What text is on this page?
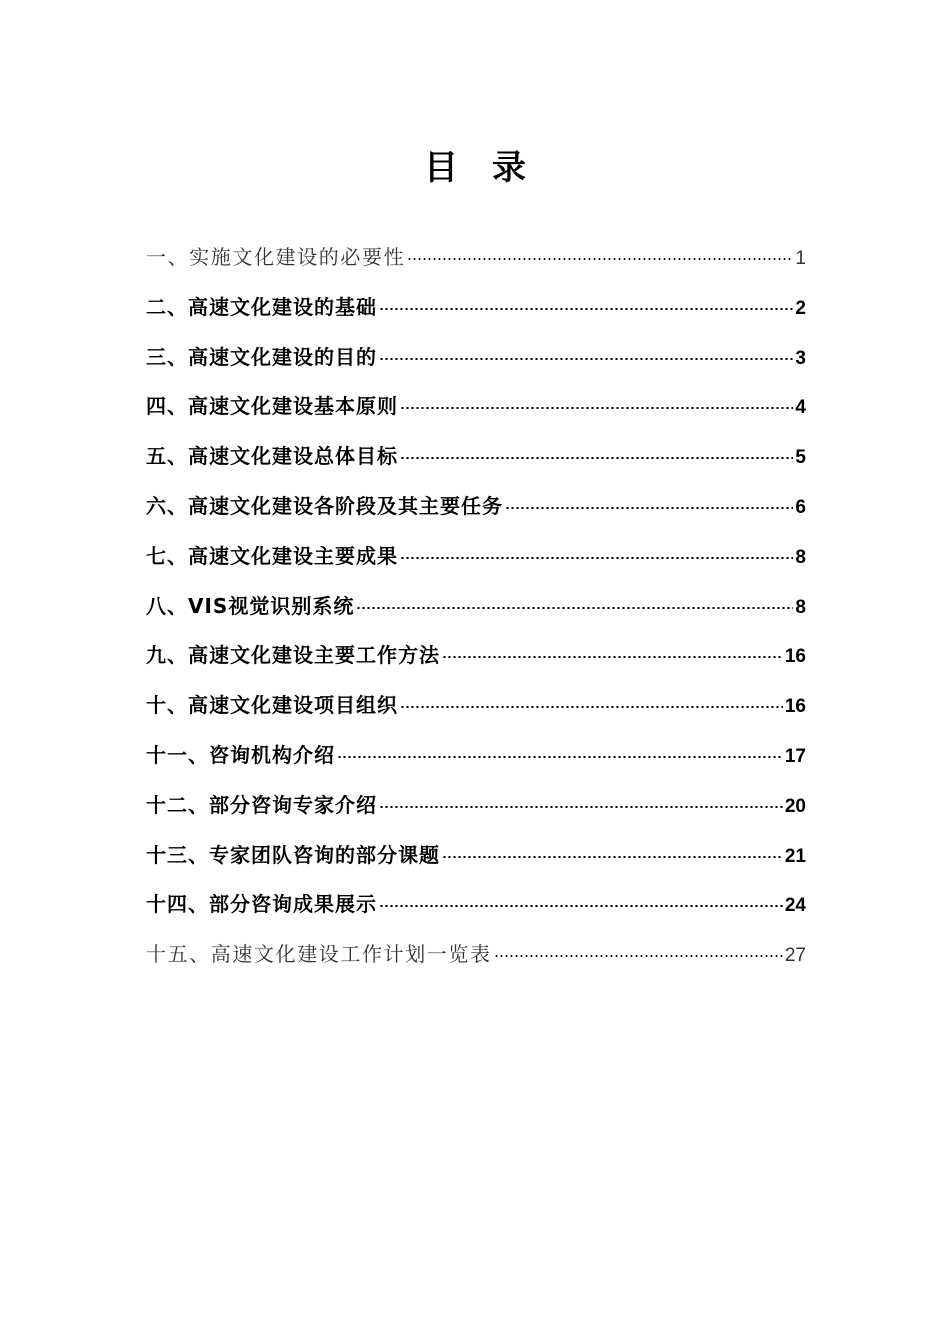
目 录
一、实施文化建设的必要性	1
二、高速文化建设的基础	2
三、高速文化建设的目的	3
四、高速文化建设基本原则	4
五、高速文化建设总体目标	5
六、高速文化建设各阶段及其主要任务	6
七、高速文化建设主要成果	8
八、VIS视觉识别系统	8
九、高速文化建设主要工作方法	16
十、高速文化建设项目组织	16
十一、咨询机构介绍	17
十二、部分咨询专家介绍	20
十三、专家团队咨询的部分课题	21
十四、部分咨询成果展示	24
十五、高速文化建设工作计划一览表	27
